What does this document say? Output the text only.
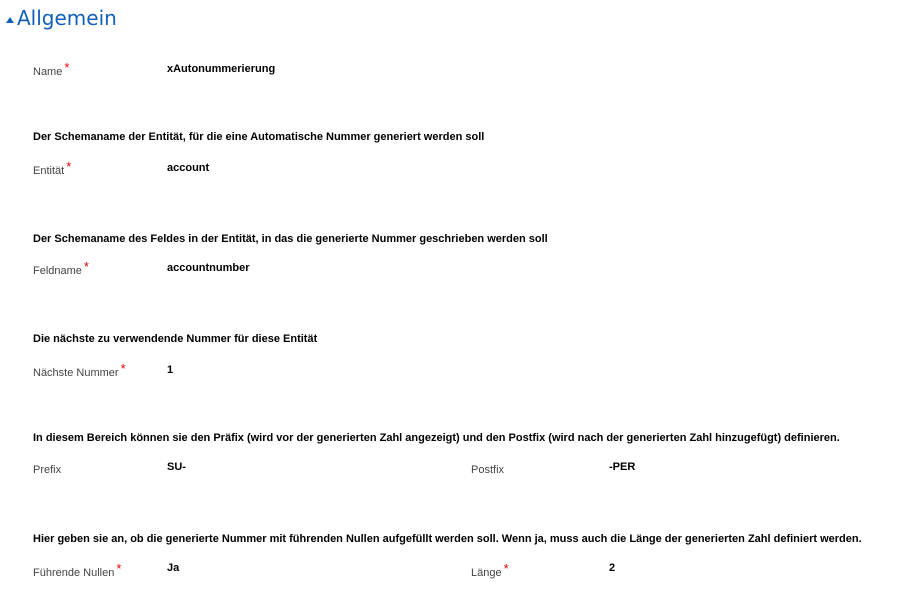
Allgemein
Name *	xAutonummerierung
Der Schemaname der Entität, für die eine Automatische Nummer generiert werden soll
Entität *	account
Der Schemaname des Feldes in der Entität, in das die generierte Nummer geschrieben werden soll
Feldname *	accountnumber
Die nächste zu verwendende Nummer für diese Entität
Nächste Nummer *	1
In diesem Bereich können sie den Präfix (wird vor der generierten Zahl angezeigt) und den Postfix (wird nach der generierten Zahl hinzugefügt) definieren.
Prefix	SU-	Postfix	-PER
Hier geben sie an, ob die generierte Nummer mit führenden Nullen aufgefüllt werden soll. Wenn ja, muss auch die Länge der generierten Zahl definiert werden.
Führende Nullen *	Ja	Länge *	2
